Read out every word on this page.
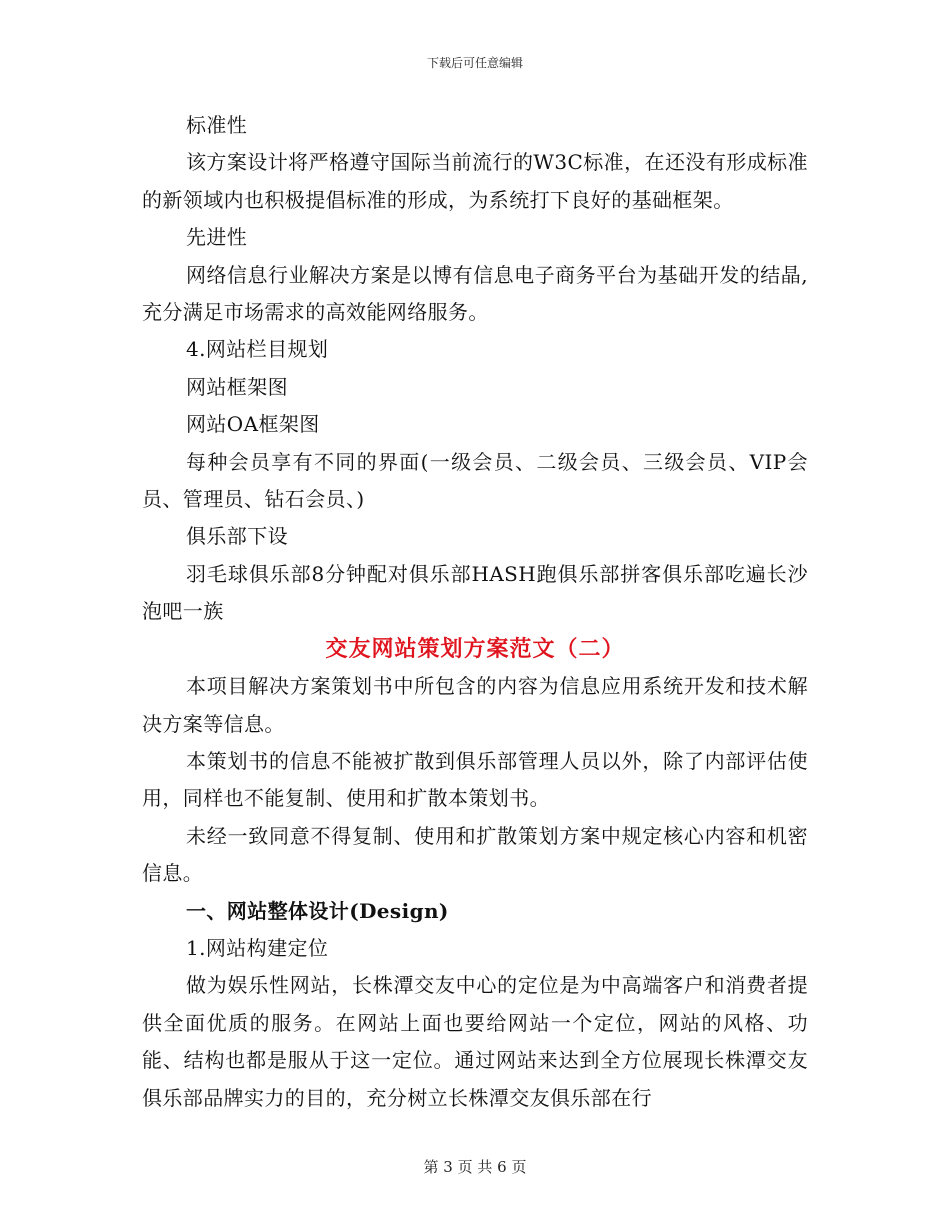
下载后可任意编辑

标准性

该方案设计将严格遵守国际当前流行的W3C标准，在还没有形成标准的新领域内也积极提倡标准的形成，为系统打下良好的基础框架。

先进性

网络信息行业解决方案是以博有信息电子商务平台为基础开发的结晶,充分满足市场需求的高效能网络服务。

4.网站栏目规划

网站框架图

网站OA框架图

每种会员享有不同的界面(一级会员、二级会员、三级会员、VIP会员、管理员、钻石会员、)

俱乐部下设

羽毛球俱乐部8分钟配对俱乐部HASH跑俱乐部拼客俱乐部吃遍长沙泡吧一族

交友网站策划方案范文（二）

本项目解决方案策划书中所包含的内容为信息应用系统开发和技术解决方案等信息。

本策划书的信息不能被扩散到俱乐部管理人员以外，除了内部评估使用，同样也不能复制、使用和扩散本策划书。

未经一致同意不得复制、使用和扩散策划方案中规定核心内容和机密信息。

一、网站整体设计(Design)

1.网站构建定位

做为娱乐性网站，长株潭交友中心的定位是为中高端客户和消费者提供全面优质的服务。在网站上面也要给网站一个定位，网站的风格、功能、结构也都是服从于这一定位。通过网站来达到全方位展现长株潭交友俱乐部品牌实力的目的，充分树立长株潭交友俱乐部在行

第 3 页 共 6 页
